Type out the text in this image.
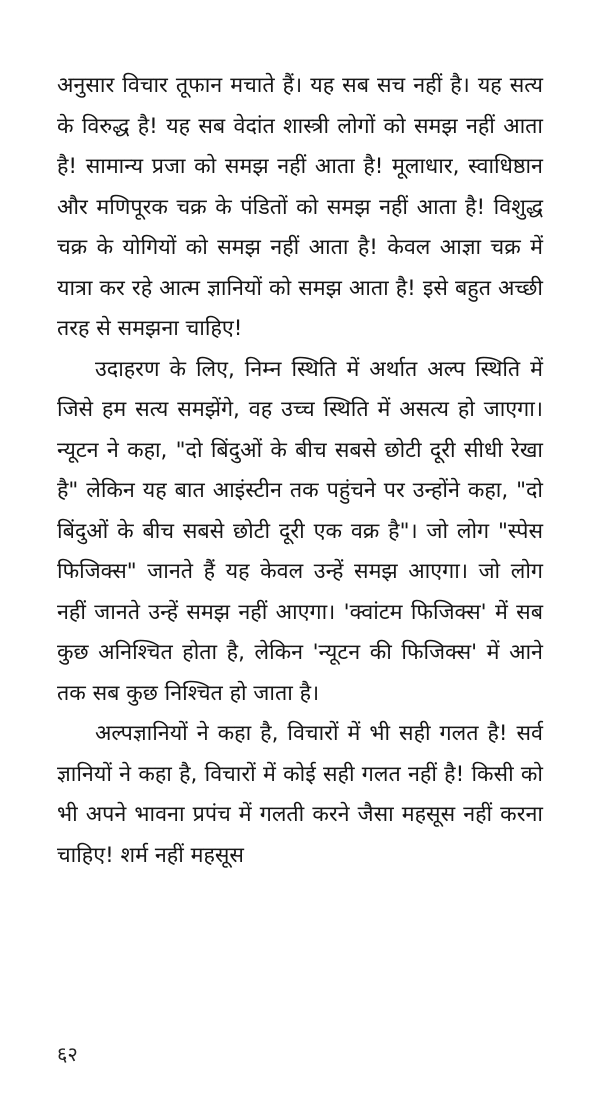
अनुसार विचार तूफान मचाते हैं। यह सब सच नहीं है। यह सत्य के विरुद्ध है! यह सब वेदांत शास्त्री लोगों को समझ नहीं आता है! सामान्य प्रजा को समझ नहीं आता है! मूलाधार, स्वाधिष्ठान और मणिपूरक चक्र के पंडितों को समझ नहीं आता है! विशुद्ध चक्र के योगियों को समझ नहीं आता है! केवल आज्ञा चक्र में यात्रा कर रहे आत्म ज्ञानियों को समझ आता है! इसे बहुत अच्छी तरह से समझना चाहिए!

उदाहरण के लिए, निम्न स्थिति में अर्थात अल्प स्थिति में जिसे हम सत्य समझेंगे, वह उच्च स्थिति में असत्य हो जाएगा। न्यूटन ने कहा, "दो बिंदुओं के बीच सबसे छोटी दूरी सीधी रेखा है" लेकिन यह बात आइंस्टीन तक पहुंचने पर उन्होंने कहा, "दो बिंदुओं के बीच सबसे छोटी दूरी एक वक्र है"। जो लोग "स्पेस फिजिक्स" जानते हैं यह केवल उन्हें समझ आएगा। जो लोग नहीं जानते उन्हें समझ नहीं आएगा। 'क्वांटम फिजिक्स' में सब कुछ अनिश्चित होता है, लेकिन 'न्यूटन की फिजिक्स' में आने तक सब कुछ निश्चित हो जाता है।

अल्पज्ञानियों ने कहा है, विचारों में भी सही गलत है! सर्व ज्ञानियों ने कहा है, विचारों में कोई सही गलत नहीं है! किसी को भी अपने भावना प्रपंच में गलती करने जैसा महसूस नहीं करना चाहिए! शर्म नहीं महसूस

६२
